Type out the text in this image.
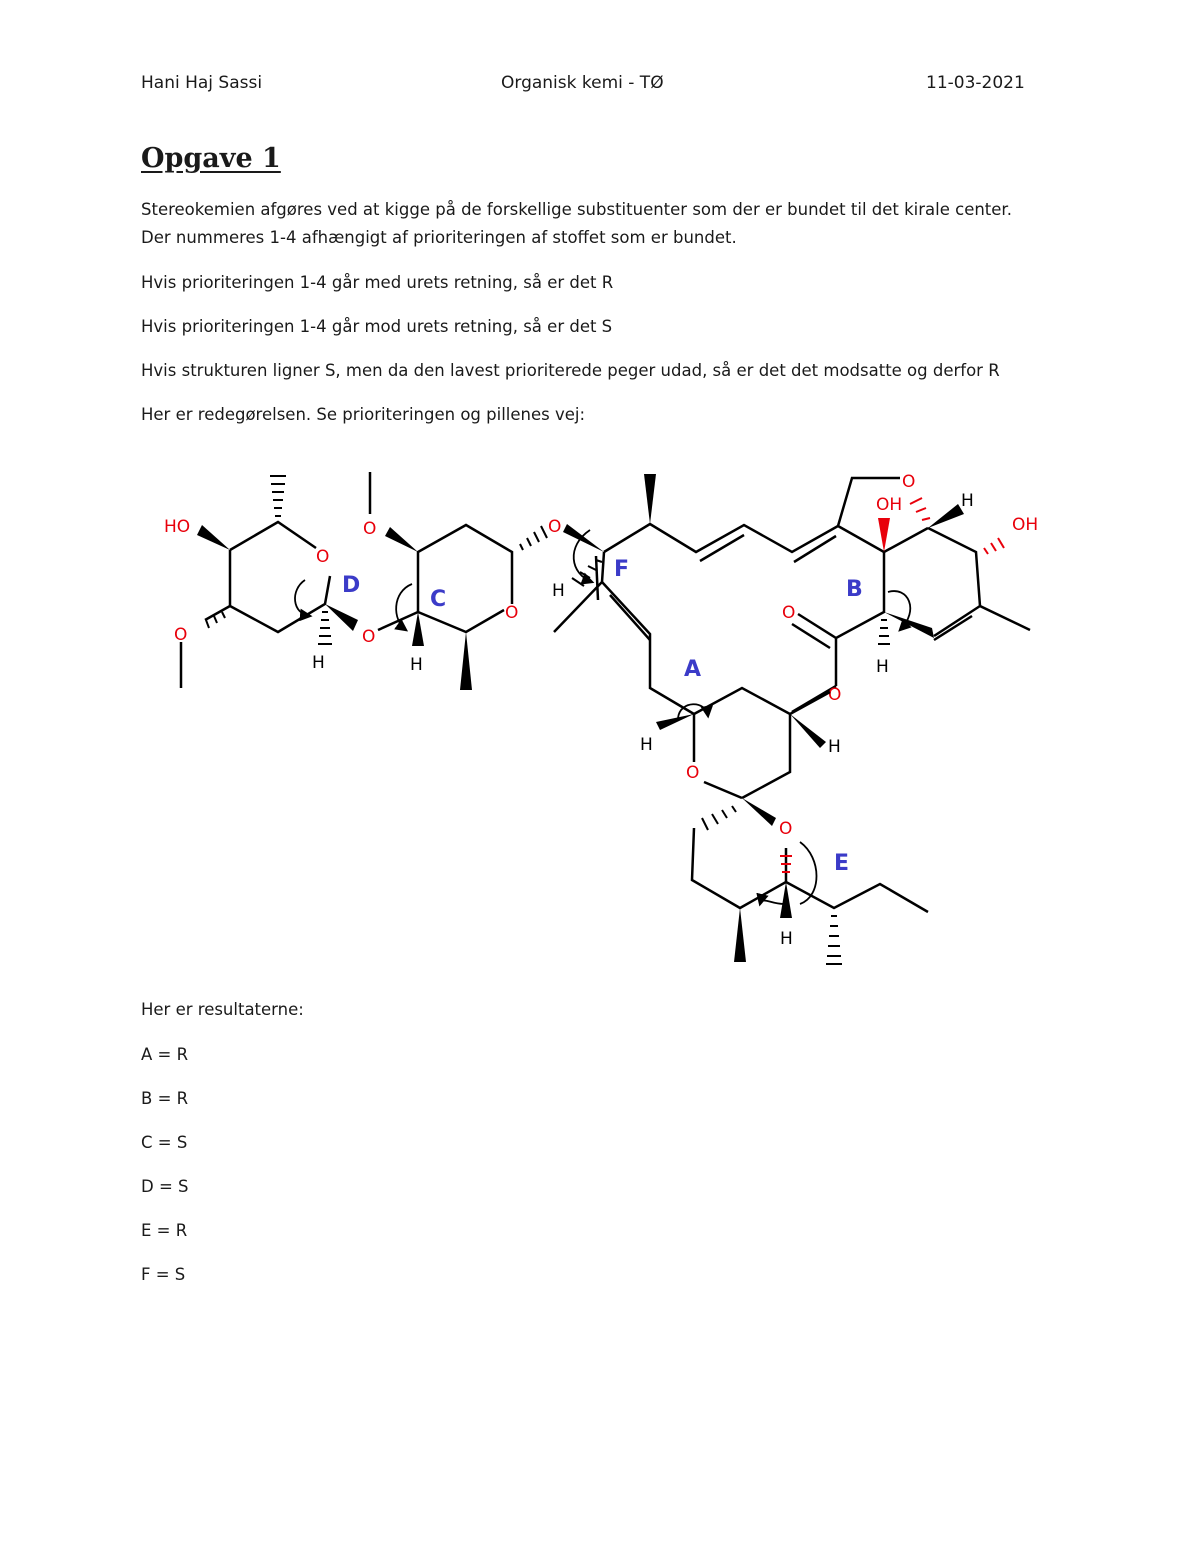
Hani Haj Sassi	Organisk kemi - TØ	11-03-2021
Opgave 1

Stereokemien afgøres ved at kigge på de forskellige substituenter som der er bundet til det kirale center.

Der nummeres 1-4 afhængigt af prioriteringen af stoffet som er bundet.

Hvis prioriteringen 1-4 går med urets retning, så er det R

Hvis prioriteringen 1-4 går mod urets retning, så er det S

Hvis strukturen ligner S, men da den lavest prioriterede peger udad, så er det det modsatte og derfor R

Her er redegørelsen. Se prioriteringen og pillenes vej:

HO
O
O
H
D
O
O
O
H
C
O
H
F
O
OH	H
OH
O
O
H
B
O
H	H
A
O
H
E

Her er resultaterne:

A = R

B = R

C = S

D = S

E = R

F = S
